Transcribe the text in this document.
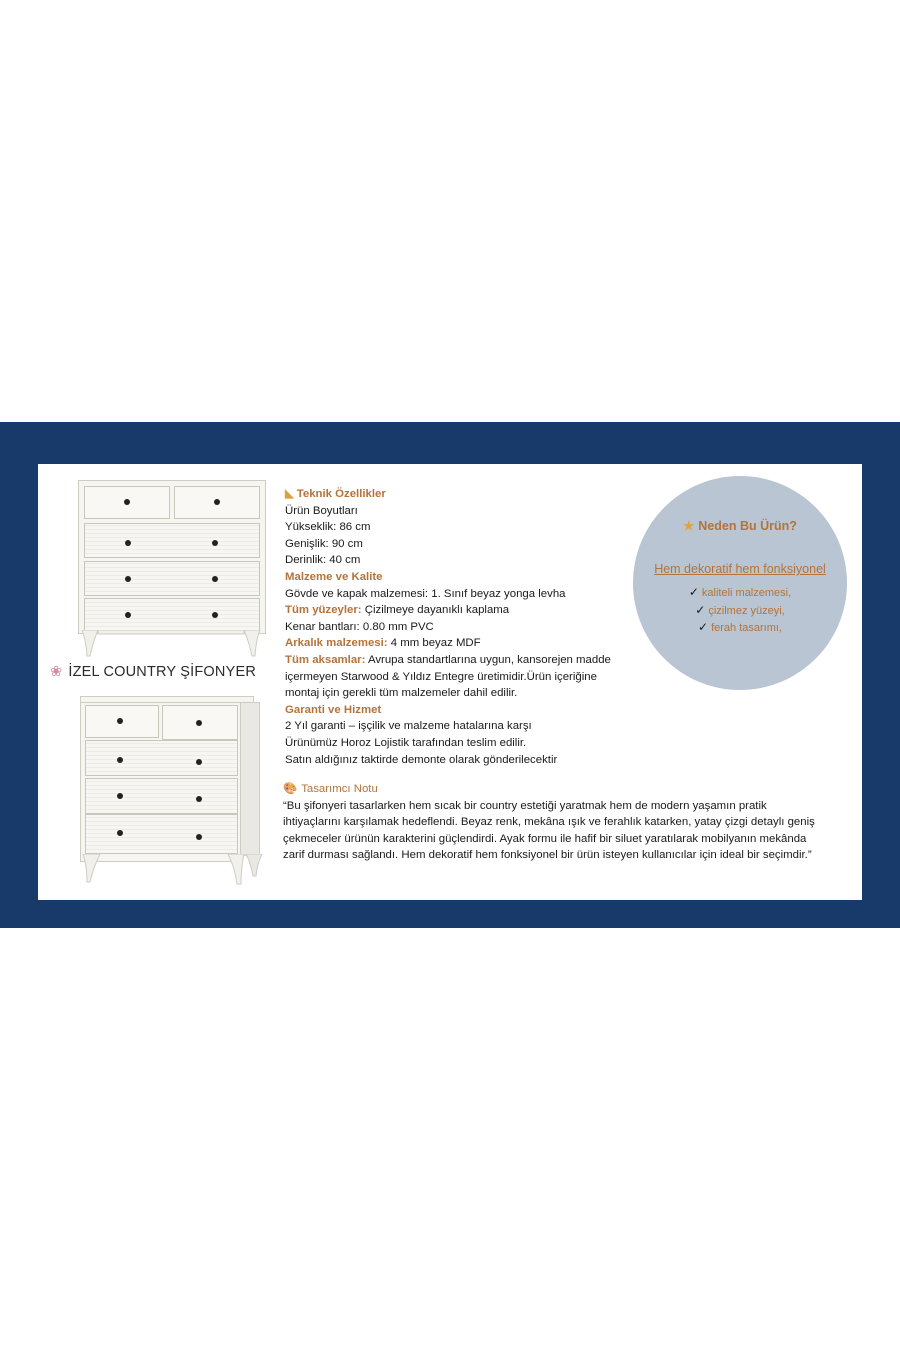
❀ İZEL COUNTRY ŞİFONYER
◣ Teknik Özellikler
Ürün Boyutları
Yükseklik: 86 cm
Genişlik: 90 cm
Derinlik: 40 cm
Malzeme ve Kalite
Gövde ve kapak malzemesi: 1. Sınıf beyaz yonga levha
Tüm yüzeyler: Çizilmeye dayanıklı kaplama
Kenar bantları: 0.80 mm PVC
Arkalık malzemesi: 4 mm beyaz MDF
Tüm aksamlar: Avrupa standartlarına uygun, kansorejen madde
içermeyen Starwood & Yıldız Entegre üretimidir.Ürün içeriğine
montaj için gerekli tüm malzemeler dahil edilir.
Garanti ve Hizmet
2 Yıl garanti – işçilik ve malzeme hatalarına karşı
Ürünümüz Horoz Lojistik tarafından teslim edilir.
Satın aldığınız taktirde demonte olarak gönderilecektir
🎨 Tasarımcı Notu
“Bu şifonyeri tasarlarken hem sıcak bir country estetiği yaratmak hem de modern yaşamın pratik
ihtiyaçlarını karşılamak hedeflendi. Beyaz renk, mekâna ışık ve ferahlık katarken, yatay çizgi detaylı geniş
çekmeceler ürünün karakterini güçlendirdi. Ayak formu ile hafif bir siluet yaratılarak mobilyanın mekânda
zarif durması sağlandı. Hem dekoratif hem fonksiyonel bir ürün isteyen kullanıcılar için ideal bir seçimdir.”
★ Neden Bu Ürün?
Hem dekoratif hem fonksiyonel
✓ kaliteli malzemesi,
✓ çizilmez yüzeyi,
✓ ferah tasarımı,
